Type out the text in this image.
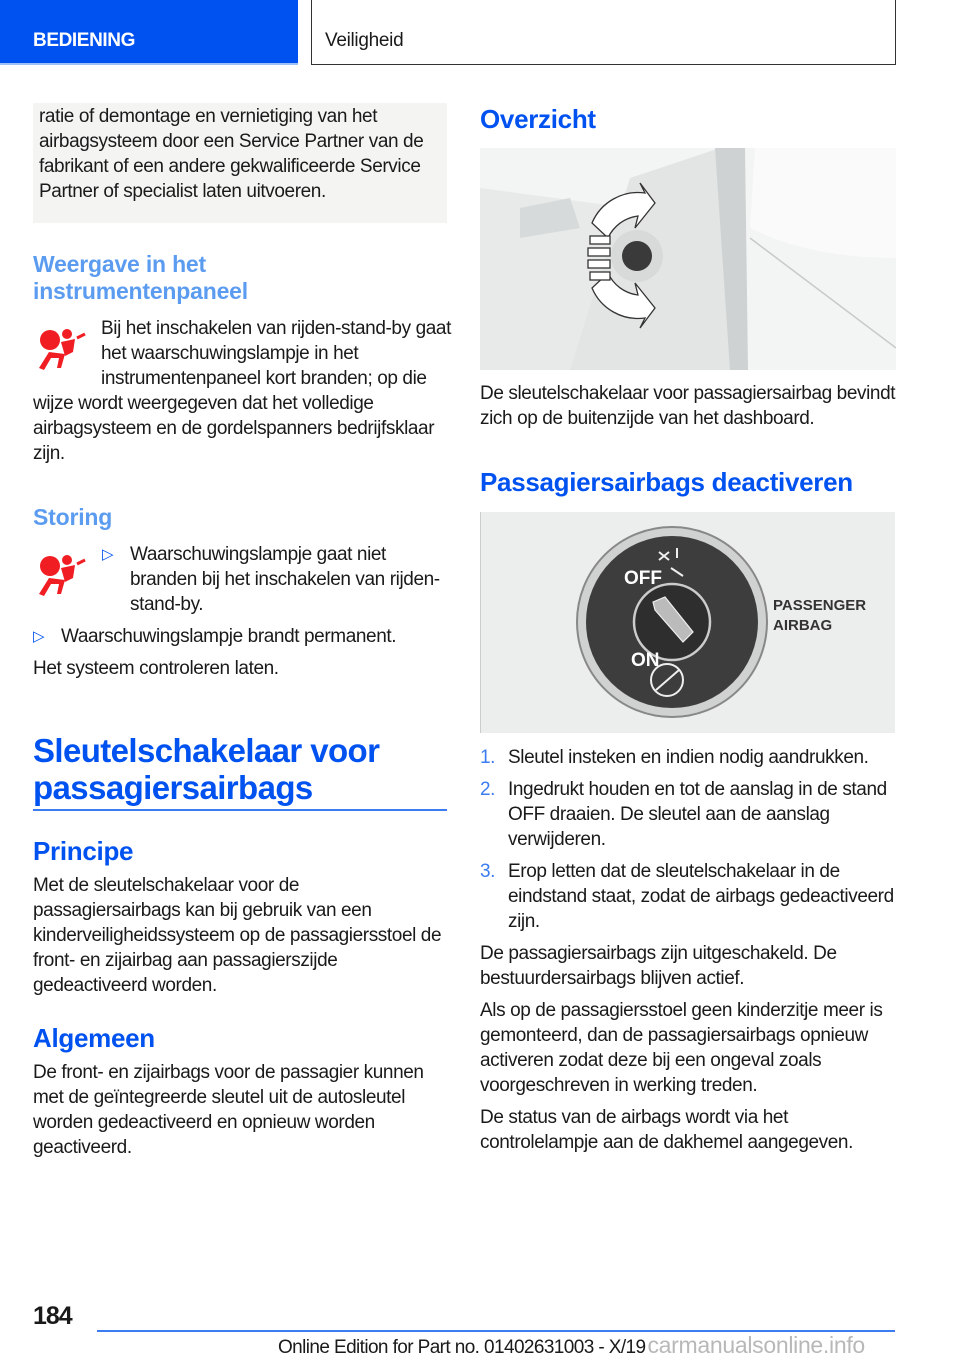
BEDIENING	Veiligheid

ratie of demontage en vernietiging van het airbagsysteem door een Service Partner van de fabrikant of een andere gekwalificeerde Service Partner of specialist laten uitvoeren.

Weergave in het instrumentenpaneel

Bij het inschakelen van rijden-stand-by gaat het waarschuwingslampje in het instrumentenpaneel kort branden; op die wijze wordt weergegeven dat het volledige airbagsysteem en de gordelspanners bedrijfsklaar zijn.

Storing
▷ Waarschuwingslampje gaat niet branden bij het inschakelen van rijden-stand-by.
▷ Waarschuwingslampje brandt permanent.

Het systeem controleren laten.

Sleutelschakelaar voor passagiersairbags
Principe

Met de sleutelschakelaar voor de passagiersairbags kan bij gebruik van een kinderveiligheidssysteem op de passagiersstoel de front- en zijairbag aan passagierszijde gedeactiveerd worden.

Algemeen

De front- en zijairbags voor de passagier kunnen met de geïntegreerde sleutel uit de autosleutel worden gedeactiveerd en opnieuw worden geactiveerd.

Overzicht

De sleutelschakelaar voor passagiersairbag bevindt zich op de buitenzijde van het dashboard.

Passagiersairbags deactiveren
OFF
ON
PASSENGER
AIRBAG
1. Sleutel insteken en indien nodig aandrukken.
2. Ingedrukt houden en tot de aanslag in de stand OFF draaien. De sleutel aan de aanslag verwijderen.
3. Erop letten dat de sleutelschakelaar in de eindstand staat, zodat de airbags gedeactiveerd zijn.

De passagiersairbags zijn uitgeschakeld. De bestuurdersairbags blijven actief.

Als op de passagiersstoel geen kinderzitje meer is gemonteerd, dan de passagiersairbags opnieuw activeren zodat deze bij een ongeval zoals voorgeschreven in werking treden.

De status van de airbags wordt via het controlelampje aan de dakhemel aangegeven.

184
Online Edition for Part no. 01402631003 - X/19 carmanualsonline.info
